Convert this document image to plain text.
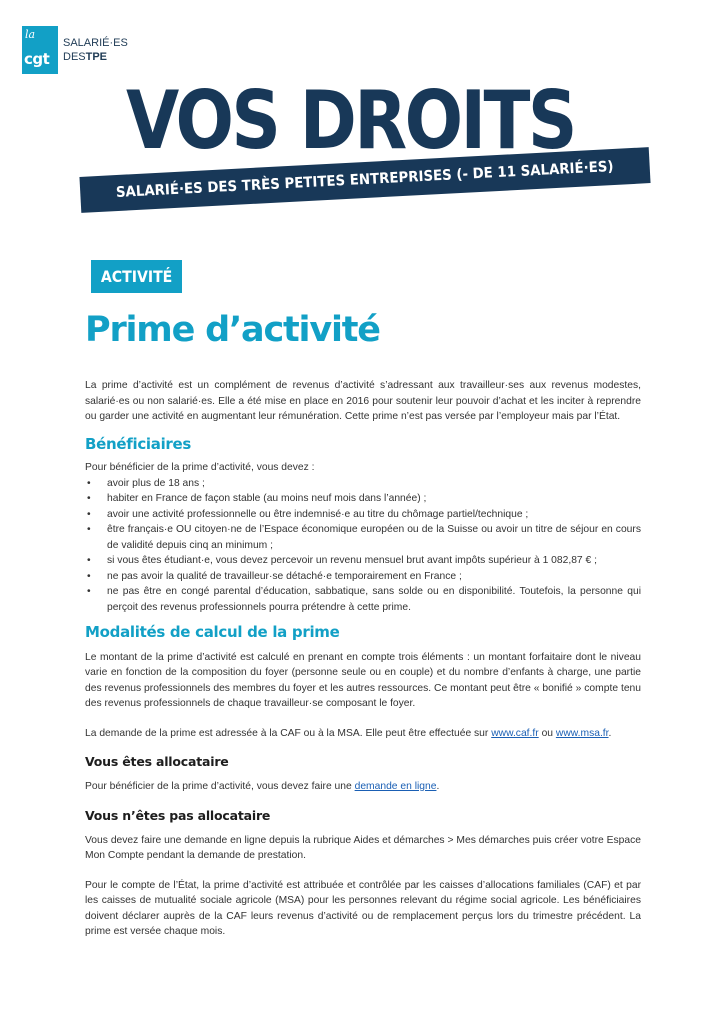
la
cgt
SALARIÉ·ES
DESTPE
VOS DROITS
SALARIÉ·ES DES TRÈS PETITES ENTREPRISES (- DE 11 SALARIÉ·ES)
ACTIVITÉ
Prime d’activité

La prime d’activité est un complément de revenus d’activité s’adressant aux travailleur·ses aux revenus modestes, salarié·es ou non salarié·es. Elle a été mise en place en 2016 pour soutenir leur pouvoir d’achat et les inciter à reprendre ou garder une activité en augmentant leur rémunération. Cette prime n’est pas versée par l’employeur mais par l’État.

Bénéficiaires

Pour bénéficier de la prime d’activité, vous devez :

• avoir plus de 18 ans ;
• habiter en France de façon stable (au moins neuf mois dans l’année) ;
• avoir une activité professionnelle ou être indemnisé·e au titre du chômage partiel/technique ;
• être français·e OU citoyen·ne de l’Espace économique européen ou de la Suisse ou avoir un titre de séjour en cours de validité depuis cinq an minimum ;
• si vous êtes étudiant·e, vous devez percevoir un revenu mensuel brut avant impôts supérieur à 1 082,87 € ;
• ne pas avoir la qualité de travailleur·se détaché·e temporairement en France ;
• ne pas être en congé parental d’éducation, sabbatique, sans solde ou en disponibilité. Toutefois, la personne qui perçoit des revenus professionnels pourra prétendre à cette prime.
Modalités de calcul de la prime

Le montant de la prime d’activité est calculé en prenant en compte trois éléments : un montant forfaitaire dont le niveau varie en fonction de la composition du foyer (personne seule ou en couple) et du nombre d’enfants à charge, une partie des revenus professionnels des membres du foyer et les autres ressources. Ce montant peut être « bonifié » compte tenu des revenus professionnels de chaque travailleur·se composant le foyer.

La demande de la prime est adressée à la CAF ou à la MSA. Elle peut être effectuée sur www.caf.fr ou www.msa.fr.

Vous êtes allocataire

Pour bénéficier de la prime d’activité, vous devez faire une demande en ligne.

Vous n’êtes pas allocataire

Vous devez faire une demande en ligne depuis la rubrique Aides et démarches > Mes démarches puis créer votre Espace Mon Compte pendant la demande de prestation.

Pour le compte de l’État, la prime d’activité est attribuée et contrôlée par les caisses d’allocations familiales (CAF) et par les caisses de mutualité sociale agricole (MSA) pour les personnes relevant du régime social agricole. Les bénéficiaires doivent déclarer auprès de la CAF leurs revenus d’activité ou de remplacement perçus lors du trimestre précédent. La prime est versée chaque mois.
